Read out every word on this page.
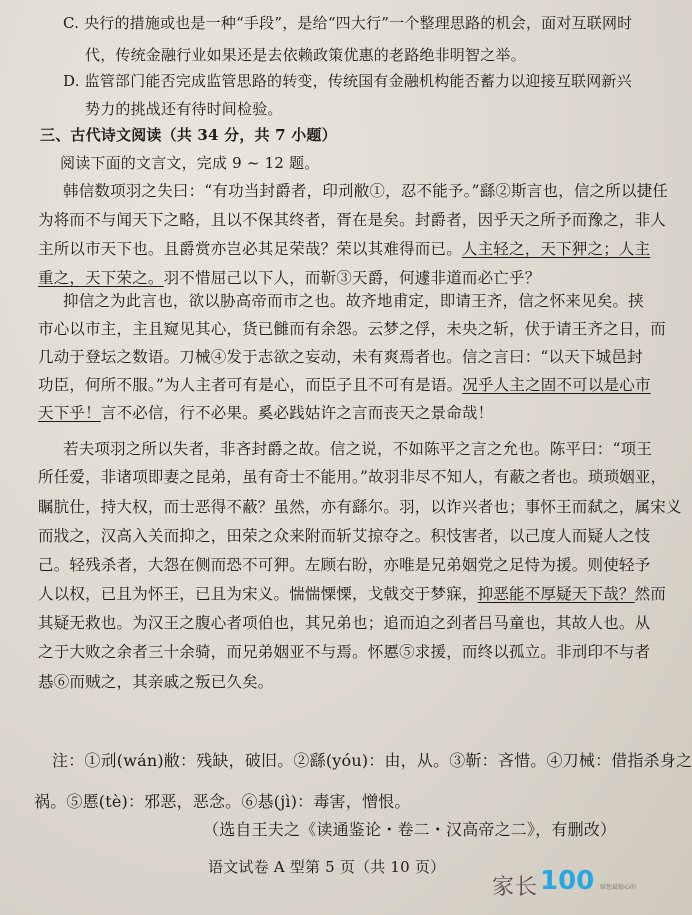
C. 央行的措施或也是一种“手段”，是给“四大行”一个整理思路的机会，面对互联网时
代，传统金融行业如果还是去依赖政策优惠的老路绝非明智之举。
D. 监管部门能否完成监管思路的转变，传统国有金融机构能否蓄力以迎接互联网新兴
势力的挑战还有待时间检验。
三、古代诗文阅读（共 34 分，共 7 小题）
阅读下面的文言文，完成 9 ~ 12 题。
韩信数项羽之失曰：“有功当封爵者，印刓敝①，忍不能予。”繇②斯言也，信之所以捷任
为将而不与闻天下之略，且以不保其终者，胥在是矣。封爵者，因乎天之所予而豫之，非人
主所以市天下也。且爵赏亦岂必其足荣哉？荣以其难得而已。人主轻之，天下狎之；人主
重之，天下荣之。羽不惜屈己以下人，而靳③天爵，何遽非道而必亡乎？
抑信之为此言也，欲以胁高帝而市之也。故齐地甫定，即请王齐，信之怀来见矣。挟
市心以市主，主且窥见其心，货已雠而有余怨。云梦之俘，未央之斩，伏于请王齐之日，而
几动于登坛之数语。刀械④发于志欲之妄动，未有爽焉者也。信之言曰：“以天下城邑封
功臣，何所不服。”为人主者可有是心，而臣子且不可有是语。况乎人主之固不可以是心市
天下乎！言不必信，行不必果。奚必践姑许之言而丧天之景命哉！
若夫项羽之所以失者，非吝封爵之故。信之说，不如陈平之言之允也。陈平曰：“项王
所任爱，非诸项即妻之昆弟，虽有奇士不能用。”故羽非尽不知人，有蔽之者也。琐琐姻亚，
瞩肮仕，持大权，而士恶得不蔽？虽然，亦有繇尔。羽，以诈兴者也；事怀王而弑之，属宋义
而戕之，汉高入关而抑之，田荣之众来附而斩艾掠夺之。积忮害者，以己度人而疑人之忮
己。轻残杀者，大怨在侧而恐不可狎。左顾右盼，亦唯是兄弟姻党之足恃为援。则使轻予
人以权，已且为怀王，已且为宋义。惴惴慄慄，戈戟交于梦寐，抑恶能不厚疑天下哉？然而
其疑无救也。为汉王之腹心者项伯也，其兄弟也；追而迫之刭者吕马童也，其故人也。从
之于大败之余者三十余骑，而兄弟姻亚不与焉。怀慝⑤求援，而终以孤立。非刓印不与者
惎⑥而贼之，其亲戚之叛已久矣。
注：①刓(wán)敝：残缺，破旧。②繇(yóu)：由，从。③靳：吝惜。④刀械：借指杀身之
祸。⑤慝(tè)：邪恶，恶念。⑥惎(jì)：毒害，憎恨。
（选自王夫之《读通鉴论・卷二・汉高帝之二》，有删改）
语文试卷 A 型第 5 页（共 10 页）
家长 100 给您最贴心的
